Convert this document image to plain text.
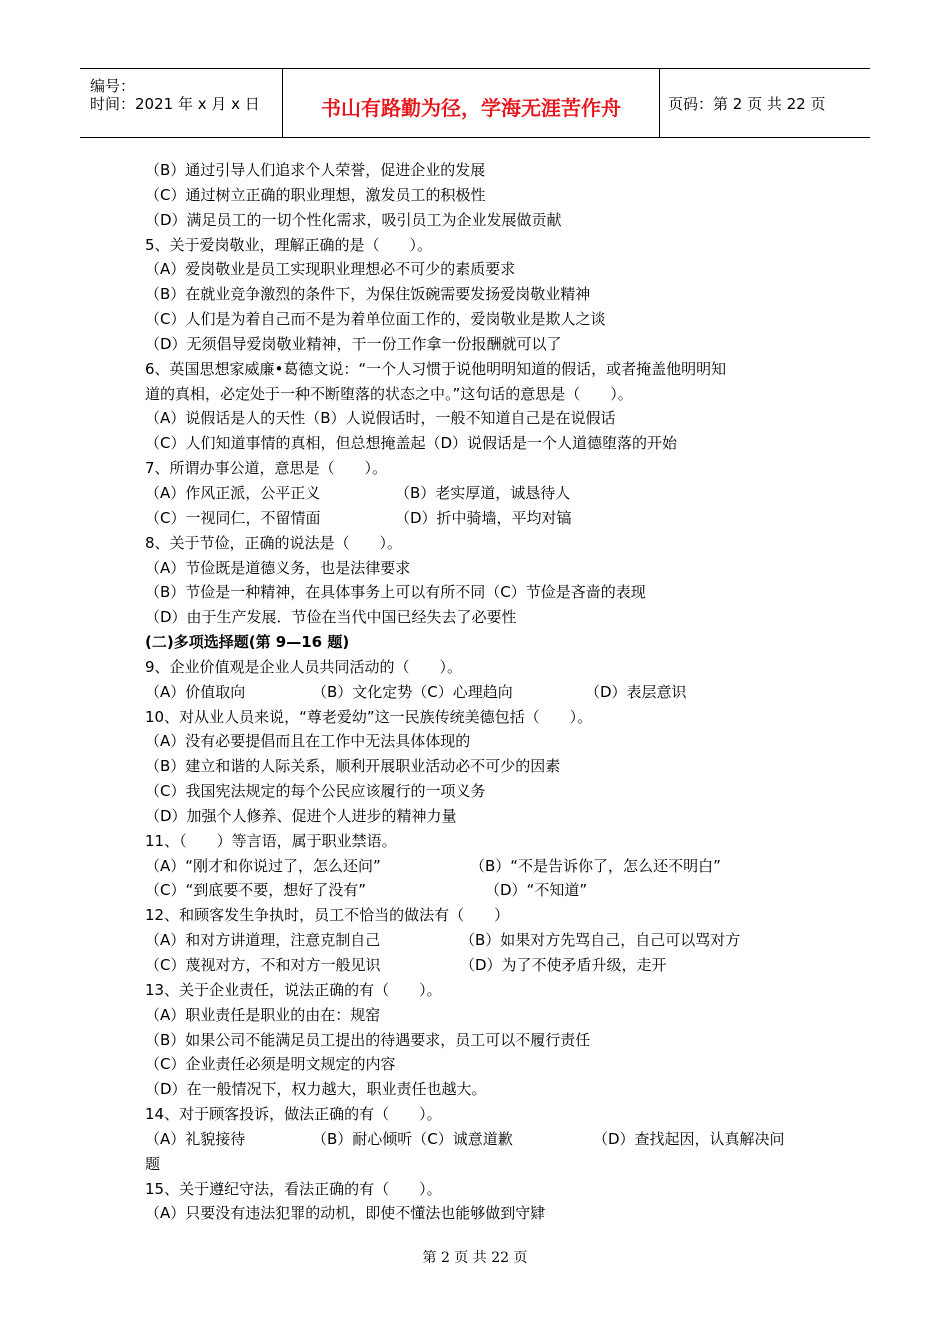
编号：
时间：2021 年 x 月 x 日	书山有路勤为径，学海无涯苦作舟	页码：第 2 页 共 22 页
（B）通过引导人们追求个人荣誉，促进企业的发展
（C）通过树立正确的职业理想，激发员工的积极性
（D）满足员工的一切个性化需求，吸引员工为企业发展做贡献
5、关于爱岗敬业，理解正确的是（　　）。
（A）爱岗敬业是员工实现职业理想必不可少的素质要求
（B）在就业竞争激烈的条件下，为保住饭碗需要发扬爱岗敬业精神
（C）人们是为着自己而不是为着单位面工作的，爱岗敬业是欺人之谈
（D）无须倡导爱岗敬业精神，干一份工作拿一份报酬就可以了
6、英国思想家威廉•葛德文说：“一个人习惯于说他明明知道的假话，或者掩盖他明明知
道的真相，必定处于一种不断堕落的状态之中。”这句话的意思是（　　）。
（A）说假话是人的天性（B）人说假话时，一般不知道自己是在说假话
（C）人们知道事情的真相，但总想掩盖起（D）说假话是一个人道德堕落的开始
7、所谓办事公道，意思是（　　）。
（A）作风正派，公平正义	（B）老实厚道，诚恳待人
（C）一视同仁，不留情面	（D）折中骑墙，平均对镐
8、关于节俭，正确的说法是（　　）。
（A）节俭既是道德义务，也是法律要求
（B）节俭是一种精神，在具体事务上可以有所不同（C）节俭是吝啬的表现
（D）由于生产发展．节俭在当代中国已经失去了必要性
(二)多项选择题(第 9—16 题)
9、企业价值观是企业人员共同活动的（　　）。
（A）价值取向	（B）文化定势（C）心理趋向	（D）表层意识
10、对从业人员来说，“尊老爱幼”这一民族传统美德包括（　　）。
（A）没有必要提倡而且在工作中无法具体体现的
（B）建立和谐的人际关系，顺利开展职业活动必不可少的因素
（C）我国宪法规定的每个公民应该履行的一项义务
（D）加强个人修养、促进个人进步的精神力量
11、（　　）等言语，属于职业禁语。
（A）“刚才和你说过了，怎么还问”	（B）“不是告诉你了，怎么还不明白”
（C）“到底要不要，想好了没有”	（D）“不知道”
12、和顾客发生争执时，员工不恰当的做法有（　　）
（A）和对方讲道理，注意克制自己	（B）如果对方先骂自己，自己可以骂对方
（C）蔑视对方，不和对方一般见识	（D）为了不使矛盾升级，走开
13、关于企业责任，说法正确的有（　　）。
（A）职业责任是职业的由在：规窑
（B）如果公司不能满足员工提出的待遇要求，员工可以不履行责任
（C）企业责任必须是明文规定的内容
（D）在一般情况下，权力越大，职业责任也越大。
14、对于顾客投诉，做法正确的有（　　）。
（A）礼貌接待	（B）耐心倾听（C）诚意道歉	（D）查找起因，认真解决问
题
15、关于遵纪守法，看法正确的有（　　）。
（A）只要没有违法犯罪的动机，即使不懂法也能够做到守肄
第 2 页 共 22 页
